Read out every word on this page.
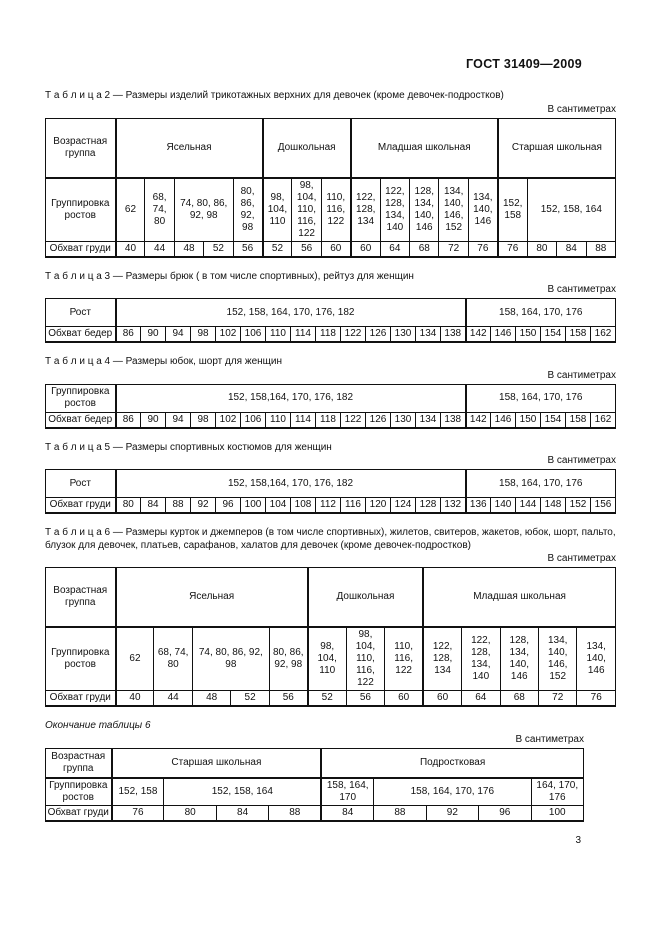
ГОСТ 31409—2009
Т а б л и ц а 2 — Размеры изделий трикотажных верхних для девочек (кроме девочек-подростков)
В сантиметрах
Возрастная группа	Ясельная					Дошкольная			Младшая школьная					Старшая школьная			
Группировка ростов	62	68, 74, 80	74, 80, 86, 92, 98		80, 86, 92, 98	98, 104, 110	98, 104, 110, 116, 122	110, 116, 122	122, 128, 134	122, 128, 134, 140	128, 134, 140, 146	134, 140, 146, 152	134, 140, 146	152, 158	152, 158, 164		
Обхват груди	40	44	48	52	56	52	56	60	60	64	68	72	76	76	80	84	88
Т а б л и ц а 3 — Размеры брюк ( в том числе спортивных), рейтуз для женщин
В сантиметрах
Рост	152, 158, 164, 170, 176, 182														158, 164, 170, 176					
Обхват бедер	86	90	94	98	102	106	110	114	118	122	126	130	134	138	142	146	150	154	158	162
Т а б л и ц а 4 — Размеры юбок, шорт для женщин
В сантиметрах
Группировка ростов	152, 158,164, 170, 176, 182														158, 164, 170, 176					
Обхват бедер	86	90	94	98	102	106	110	114	118	122	126	130	134	138	142	146	150	154	158	162
Т а б л и ц а 5 — Размеры спортивных костюмов для женщин
В сантиметрах
Рост	152, 158,164, 170, 176, 182														158, 164, 170, 176					
Обхват груди	80	84	88	92	96	100	104	108	112	116	120	124	128	132	136	140	144	148	152	156
Т а б л и ц а 6 — Размеры курток и джемперов (в том числе спортивных), жилетов, свитеров, жакетов, юбок, шорт, пальто, блузок для девочек, платьев, сарафанов, халатов для девочек (кроме девочек-подростков)
В сантиметрах
Возрастная группа	Ясельная					Дошкольная			Младшая школьная				
Группировка ростов	62	68, 74, 80	74, 80, 86, 92, 98		80, 86, 92, 98	98, 104, 110	98, 104, 110, 116, 122	110, 116, 122	122, 128, 134	122, 128, 134, 140	128, 134, 140, 146	134, 140, 146, 152	134, 140, 146
Обхват груди	40	44	48	52	56	52	56	60	60	64	68	72	76
Окончание таблицы 6
В сантиметрах
Возрастная группа	Старшая школьная				Подростковая				
Группировка ростов	152, 158	152, 158, 164			158, 164, 170	158, 164, 170, 176			164, 170, 176
Обхват груди	76	80	84	88	84	88	92	96	100
3
